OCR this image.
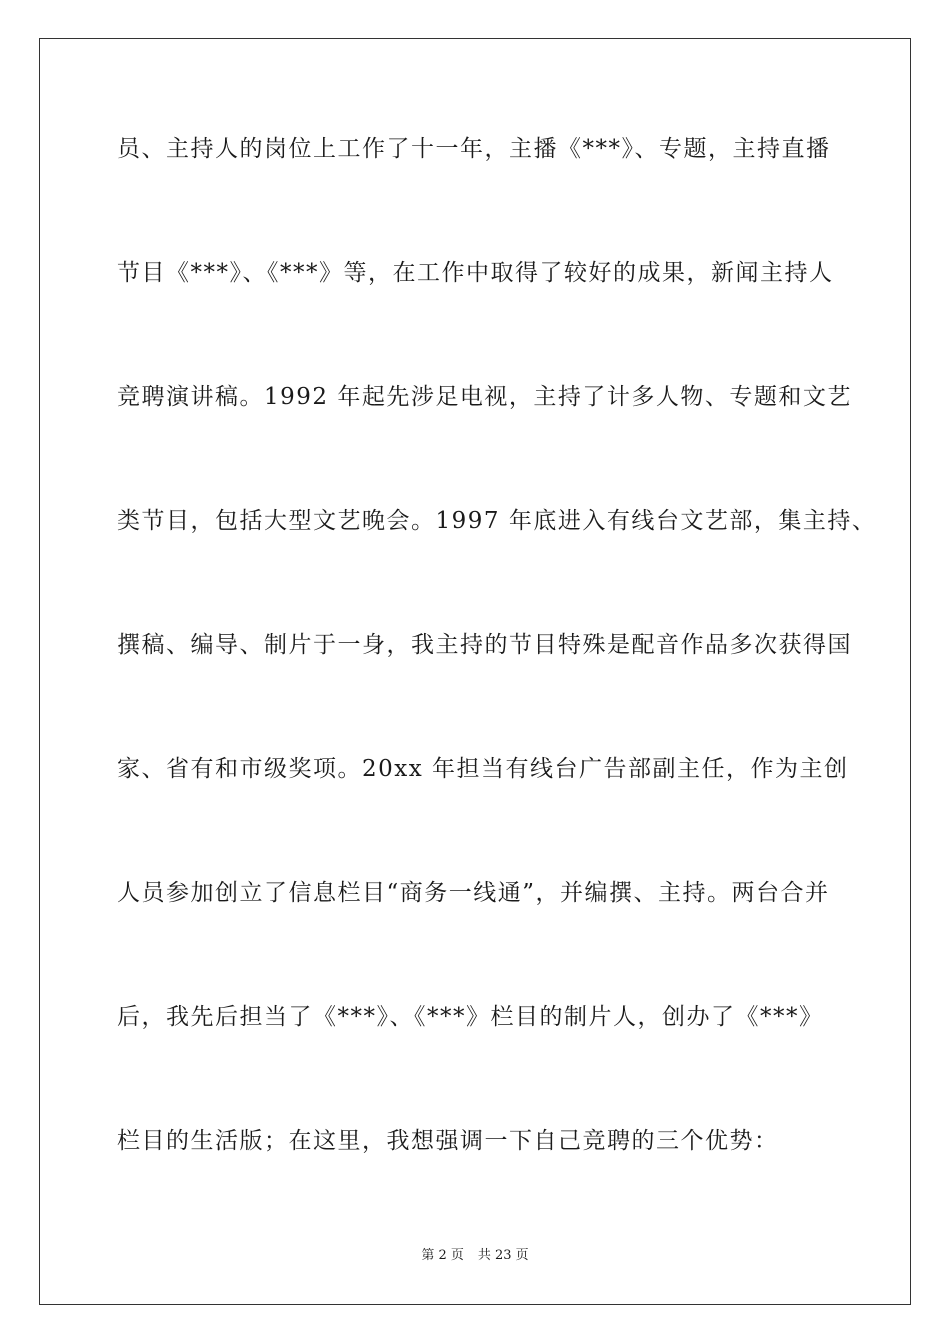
员、主持人的岗位上工作了十一年，主播《***》、专题，主持直播
节目《***》、《***》等，在工作中取得了较好的成果，新闻主持人
竞聘演讲稿。1992 年起先涉足电视，主持了计多人物、专题和文艺
类节目，包括大型文艺晚会。1997 年底进入有线台文艺部，集主持、
撰稿、编导、制片于一身，我主持的节目特殊是配音作品多次获得国
家、省有和市级奖项。20xx 年担当有线台广告部副主任，作为主创
人员参加创立了信息栏目“商务一线通”，并编撰、主持。两台合并
后，我先后担当了《***》、《***》栏目的制片人，创办了《***》
栏目的生活版；在这里，我想强调一下自己竞聘的三个优势：
第 2 页 共 23 页
